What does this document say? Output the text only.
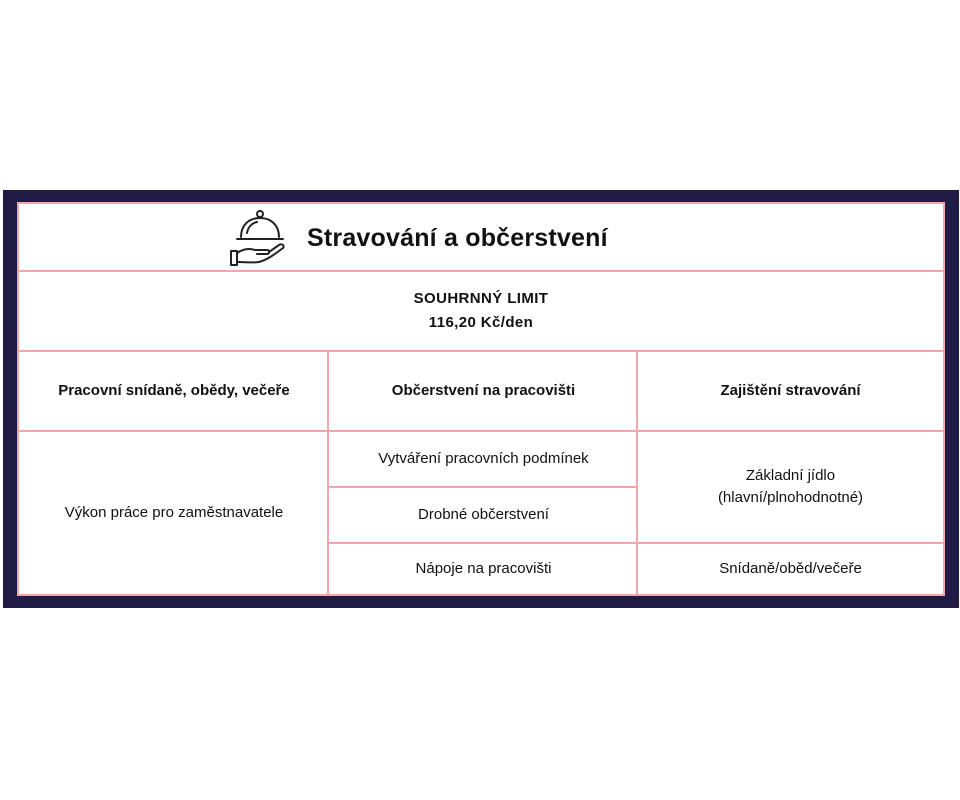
Stravování a občerstvení
SOUHRNNÝ LIMIT
116,20 Kč/den
Pracovní snídaně, obědy, večeře	Občerstvení na pracovišti	Zajištění stravování
Výkon práce pro zaměstnavatele
Vytváření pracovních podmínek
Drobné občerstvení
Nápoje na pracovišti
Základní jídlo (hlavní/plnohodnotné)
Snídaně/oběd/večeře
